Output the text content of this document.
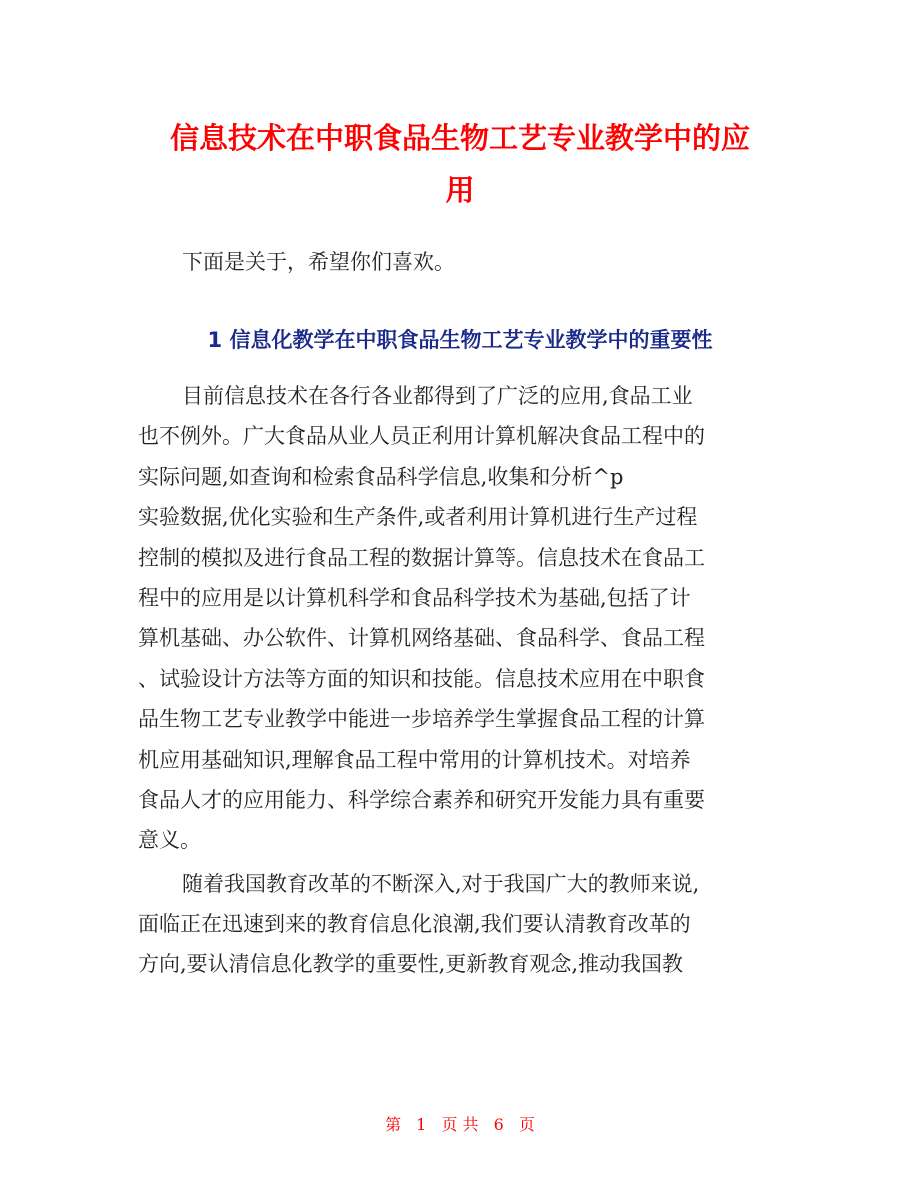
信息技术在中职食品生物工艺专业教学中的应
用

下面是关于，希望你们喜欢。

1 信息化教学在中职食品生物工艺专业教学中的重要性
目前信息技术在各行各业都得到了广泛的应用,食品工业
也不例外。广大食品从业人员正利用计算机解决食品工程中的
实际问题,如查询和检索食品科学信息,收集和分析^p
实验数据,优化实验和生产条件,或者利用计算机进行生产过程
控制的模拟及进行食品工程的数据计算等。信息技术在食品工
程中的应用是以计算机科学和食品科学技术为基础,包括了计
算机基础、办公软件、计算机网络基础、食品科学、食品工程
、试验设计方法等方面的知识和技能。信息技术应用在中职食
品生物工艺专业教学中能进一步培养学生掌握食品工程的计算
机应用基础知识,理解食品工程中常用的计算机技术。对培养
食品人才的应用能力、科学综合素养和研究开发能力具有重要
意义。
随着我国教育改革的不断深入,对于我国广大的教师来说,
面临正在迅速到来的教育信息化浪潮,我们要认清教育改革的
方向,要认清信息化教学的重要性,更新教育观念,推动我国教
第 1 页 共 6 页
